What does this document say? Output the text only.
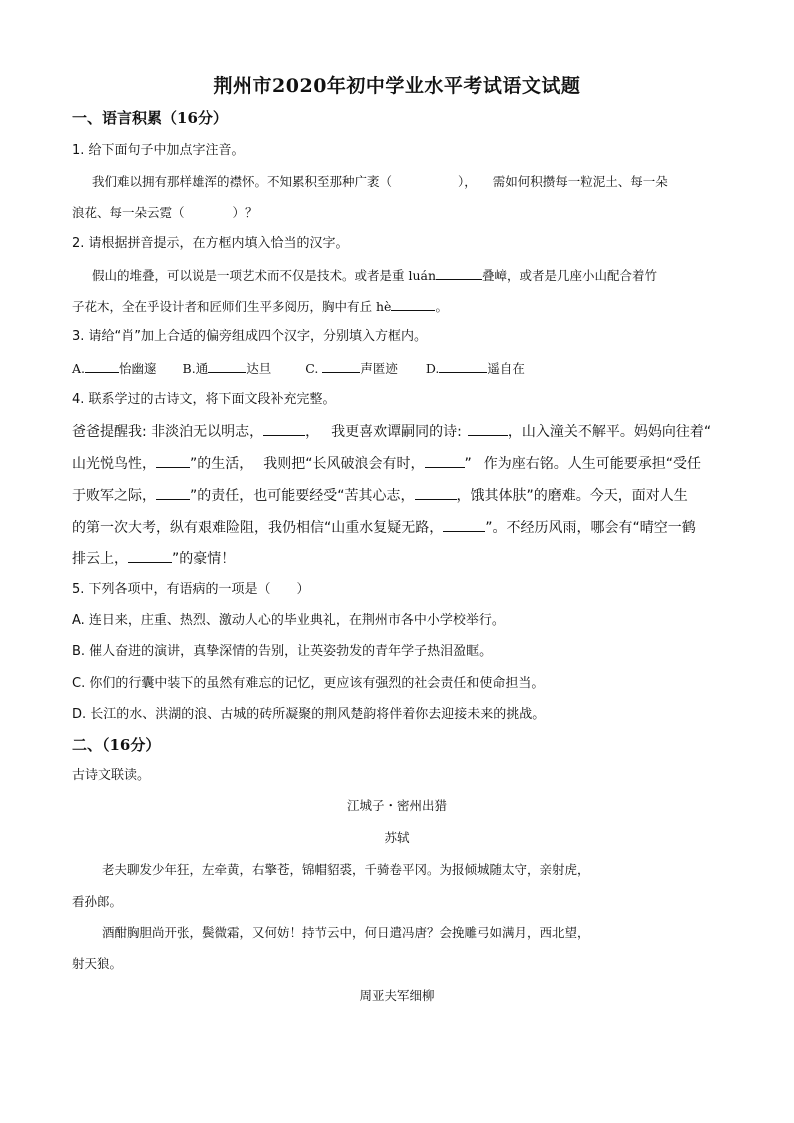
荆州市2020年初中学业水平考试语文试题
一、语言积累（16分）
1. 给下面句子中加点字注音。
我们难以拥有那样雄浑的襟怀。不知累积至那种广袤（	）， 需如何积攒每一粒泥土、每一朵
浪花、每一朵云霓（	）？
2. 请根据拼音提示，在方框内填入恰当的汉字。
假山的堆叠，可以说是一项艺术而不仅是技术。或者是重 luán	叠嶂，或者是几座小山配合着竹
子花木，全在乎设计者和匠师们生平多阅历，胸中有丘 hè	。
3. 请给“肖”加上合适的偏旁组成四个汉字，分别填入方框内。
A.	怡幽邃 B.通	达旦	C.	声匿迹 D.	遥自在
4. 联系学过的古诗文，将下面文段补充完整。
爸爸提醒我: 非淡泊无以明志，	， 我更喜欢谭嗣同的诗:	，山入潼关不解平。妈妈向往着“
山光悦鸟性， ”的生活， 我则把“长风破浪会有时，	” 作为座右铭。人生可能要承担“受任
于败军之际， ”的责任，也可能要经受“苦其心志，	，饿其体肤”的磨难。今天，面对人生
的第一次大考，纵有艰难险阻，我仍相信“山重水复疑无路，	”。不经历风雨，哪会有“晴空一鹤
排云上，	”的豪情！
5. 下列各项中，有语病的一项是（　　）
A. 连日来，庄重、热烈、激动人心的毕业典礼，在荆州市各中小学校举行。
B. 催人奋进的演讲，真挚深情的告别，让英姿勃发的青年学子热泪盈眶。
C. 你们的行囊中装下的虽然有难忘的记忆，更应该有强烈的社会责任和使命担当。
D. 长江的水、洪湖的浪、古城的砖所凝聚的荆风楚韵将伴着你去迎接未来的挑战。
二、（16分）
古诗文联读。
江城子・密州出猎
苏轼
老夫聊发少年狂，左牵黄，右擎苍，锦帽貂裘，千骑卷平冈。为报倾城随太守，亲射虎，
看孙郎。
酒酣胸胆尚开张，鬓微霜，又何妨！持节云中，何日遣冯唐？会挽雕弓如满月，西北望，
射天狼。
周亚夫军细柳
